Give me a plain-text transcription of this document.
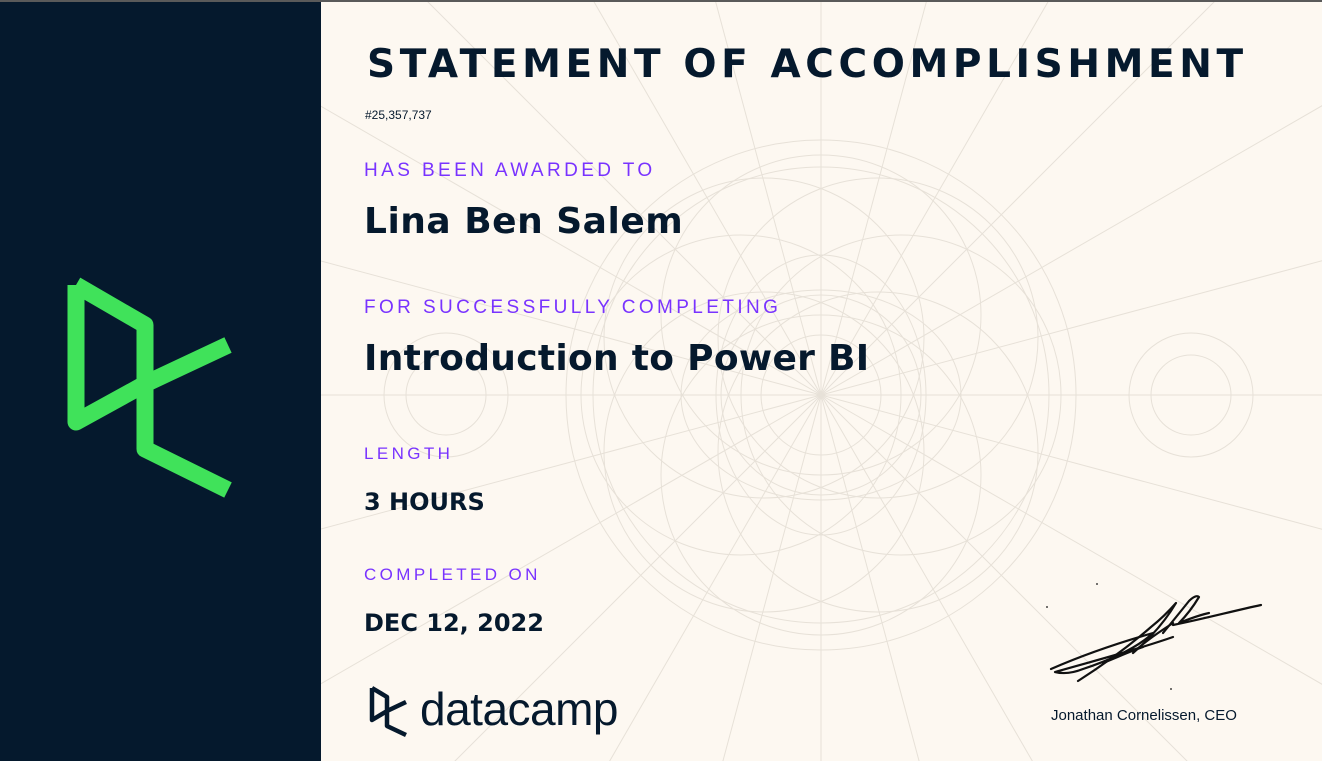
STATEMENT OF ACCOMPLISHMENT
#25,357,737
HAS BEEN AWARDED TO
Lina Ben Salem
FOR SUCCESSFULLY COMPLETING
Introduction to Power BI
LENGTH
3 HOURS
COMPLETED ON
DEC 12, 2022
datacamp	Jonathan Cornelissen, CEO
